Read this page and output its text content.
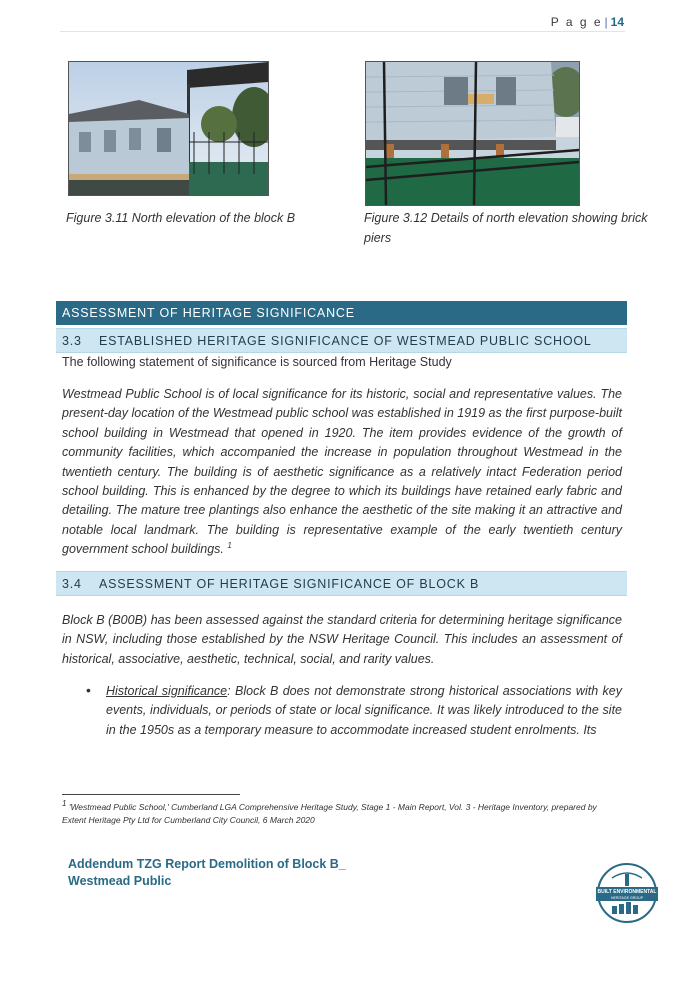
P a g e | 14
Figure 3.11 North elevation of the block B	Figure 3.12 Details of north elevation showing brick piers
ASSESSMENT OF HERITAGE SIGNIFICANCE
3.3 ESTABLISHED HERITAGE SIGNIFICANCE OF WESTMEAD PUBLIC SCHOOL
The following statement of significance is sourced from Heritage Study
Westmead Public School is of local significance for its historic, social and representative values. The present-day location of the Westmead public school was established in 1919 as the first purpose-built school building in Westmead that opened in 1920. The item provides evidence of the growth of community facilities, which accompanied the increase in population throughout Westmead in the twentieth century. The building is of aesthetic significance as a relatively intact Federation period school building. This is enhanced by the degree to which its buildings have retained early fabric and detailing. The mature tree plantings also enhance the aesthetic of the site making it an attractive and notable local landmark. The building is representative example of the early twentieth century government school buildings. $^1$
3.4 ASSESSMENT OF HERITAGE SIGNIFICANCE OF BLOCK B
Block B (B00B) has been assessed against the standard criteria for determining heritage significance in NSW, including those established by the NSW Heritage Council. This includes an assessment of historical, associative, aesthetic, technical, social, and rarity values.
• Historical significance: Block B does not demonstrate strong historical associations with key events, individuals, or periods of state or local significance. It was likely introduced to the site in the 1950s as a temporary measure to accommodate increased student enrolments. Its
$^1$ 'Westmead Public School,' Cumberland LGA Comprehensive Heritage Study, Stage 1 - Main Report, Vol. 3 - Heritage Inventory, prepared by Extent Heritage Pty Ltd for Cumberland City Council, 6 March 2020
Addendum TZG Report Demolition of Block B_
Westmead Public
BUILT ENVIRONMENTAL
HERITAGE GROUP
